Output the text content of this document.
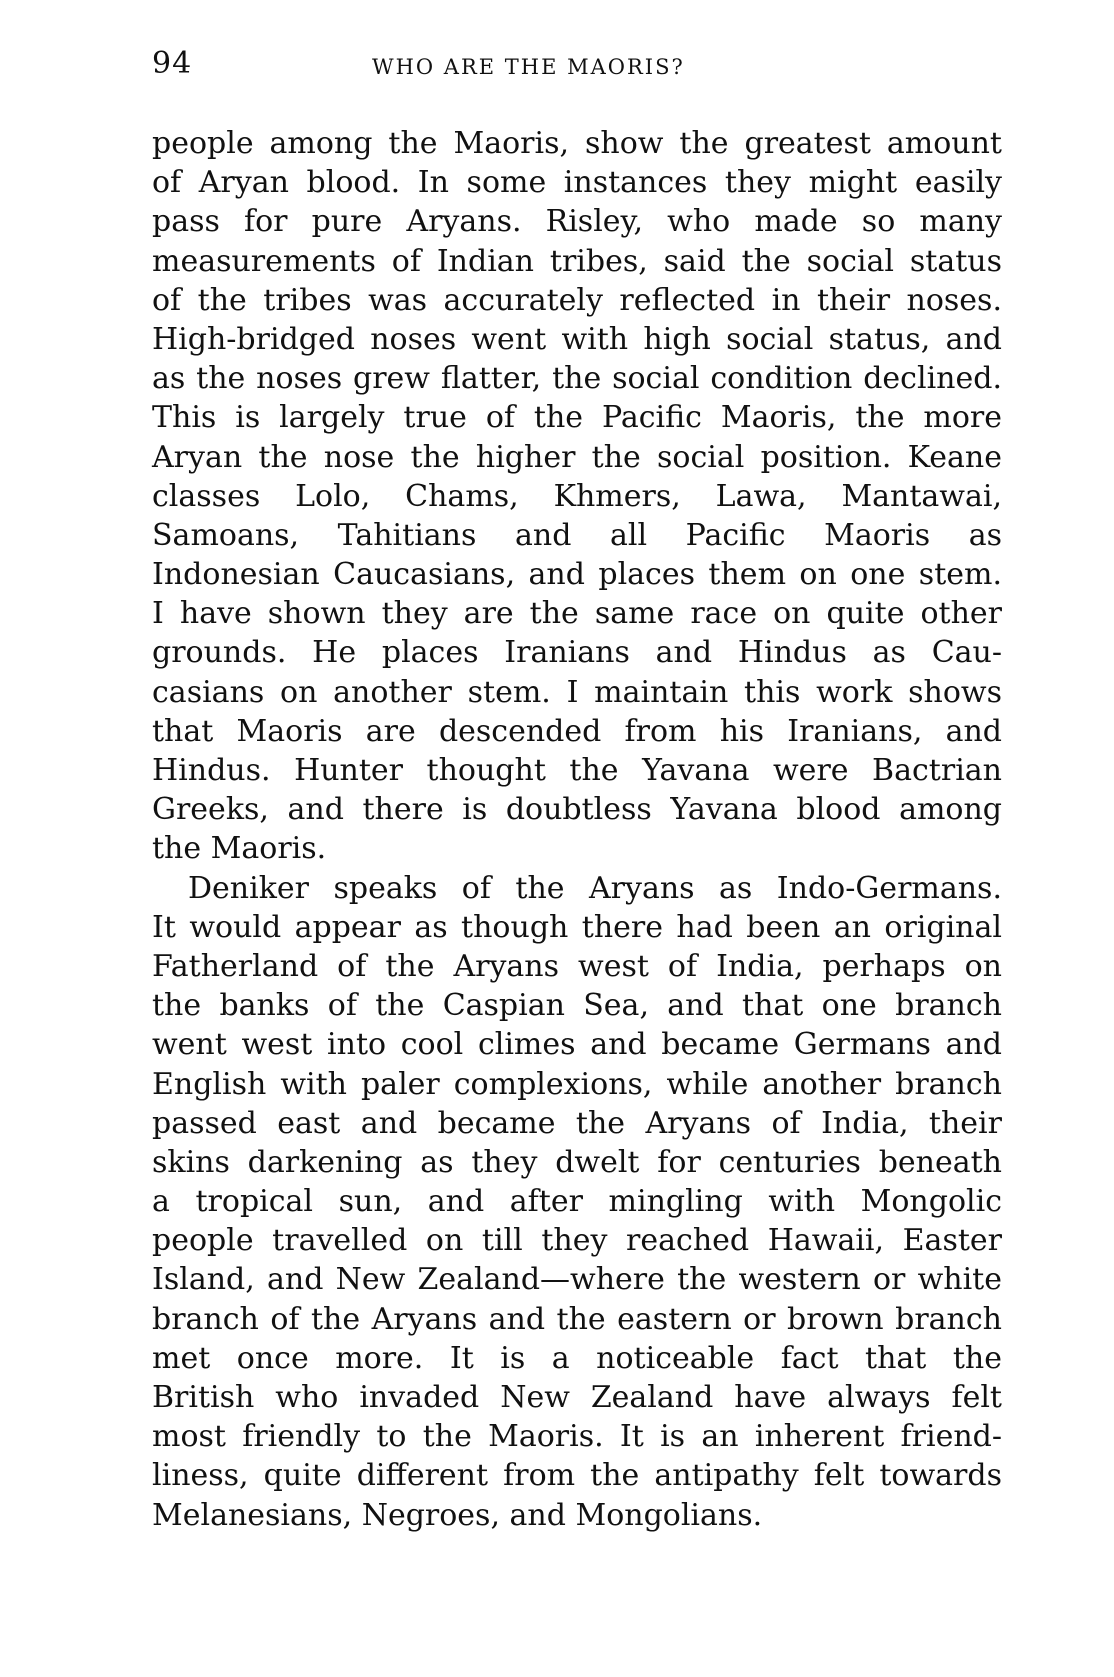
94	WHO ARE THE MAORIS?
people among the Maoris, show the greatest amount
of Aryan blood. In some instances they might easily
pass for pure Aryans. Risley, who made so many
measurements of Indian tribes, said the social status
of the tribes was accurately reflected in their noses.
High-bridged noses went with high social status, and
as the noses grew flatter, the social condition declined.
This is largely true of the Pacific Maoris, the more
Aryan the nose the higher the social position. Keane
classes Lolo, Chams, Khmers, Lawa, Mantawai,
Samoans, Tahitians and all Pacific Maoris as
Indonesian Caucasians, and places them on one stem.
I have shown they are the same race on quite other
grounds. He places Iranians and Hindus as Cau-
casians on another stem. I maintain this work shows
that Maoris are descended from his Iranians, and
Hindus. Hunter thought the Yavana were Bactrian
Greeks, and there is doubtless Yavana blood among
the Maoris.
Deniker speaks of the Aryans as Indo-Germans.
It would appear as though there had been an original
Fatherland of the Aryans west of India, perhaps on
the banks of the Caspian Sea, and that one branch
went west into cool climes and became Germans and
English with paler complexions, while another branch
passed east and became the Aryans of India, their
skins darkening as they dwelt for centuries beneath
a tropical sun, and after mingling with Mongolic
people travelled on till they reached Hawaii, Easter
Island, and New Zealand—where the western or white
branch of the Aryans and the eastern or brown branch
met once more. It is a noticeable fact that the
British who invaded New Zealand have always felt
most friendly to the Maoris. It is an inherent friend-
liness, quite different from the antipathy felt towards
Melanesians, Negroes, and Mongolians.
